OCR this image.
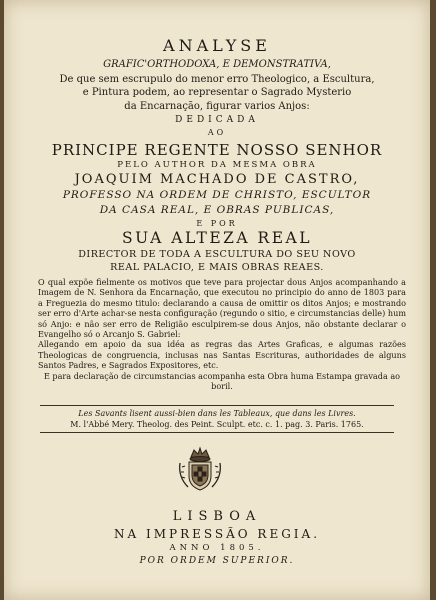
ANALYSE
GRAFIC'ORTHODOXA, E DEMONSTRATIVA,
De que sem escrupulo do menor erro Theologico, a Escultura,
e Pintura podem, ao representar o Sagrado Mysterio
da Encarnação, figurar varios Anjos:
DEDICADA
AO
PRINCIPE REGENTE NOSSO SENHOR
PELO AUTHOR DA MESMA OBRA
JOAQUIM MACHADO DE CASTRO,
PROFESSO NA ORDEM DE CHRISTO, ESCULTOR
DA CASA REAL, E OBRAS PUBLICAS,
E POR
SUA ALTEZA REAL
DIRECTOR DE TODA A ESCULTURA DO SEU NOVO
REAL PALACIO, E MAIS OBRAS REAES.

O qual expõe fielmente os motivos que teve para projectar dous Anjos acompanhando a Imagem de N. Senhora da Encarnação, que executou no principio do anno de 1803 para a Freguezia do mesmo titulo: declarando a causa de omittir os ditos Anjos; e mostrando ser erro d'Arte achar-se nesta configuração (regundo o sitio, e circumstancias delle) hum só Anjo: e não ser erro de Religião esculpirem-se dous Anjos, não obstante declarar o Evangelho só o Arcanjo S. Gabriel:

Allegando em apoio da sua idéa as regras das Artes Graficas, e algumas razões Theologicas de congruencia, inclusas nas Santas Escrituras, authoridades de alguns Santos Padres, e Sagrados Expositores, etc.

E para declaração de circumstancias acompanha esta Obra huma Estampa gravada ao boril.

Les Savants lisent aussi-bien dans les Tableaux, que dans les Livres.
M. l'Abbé Mery. Theolog. des Peint. Sculpt. etc. c. 1. pag. 3. Paris. 1765.
LISBOA
NA IMPRESSÃO REGIA.
ANNO 1805.
POR ORDEM SUPERIOR.
